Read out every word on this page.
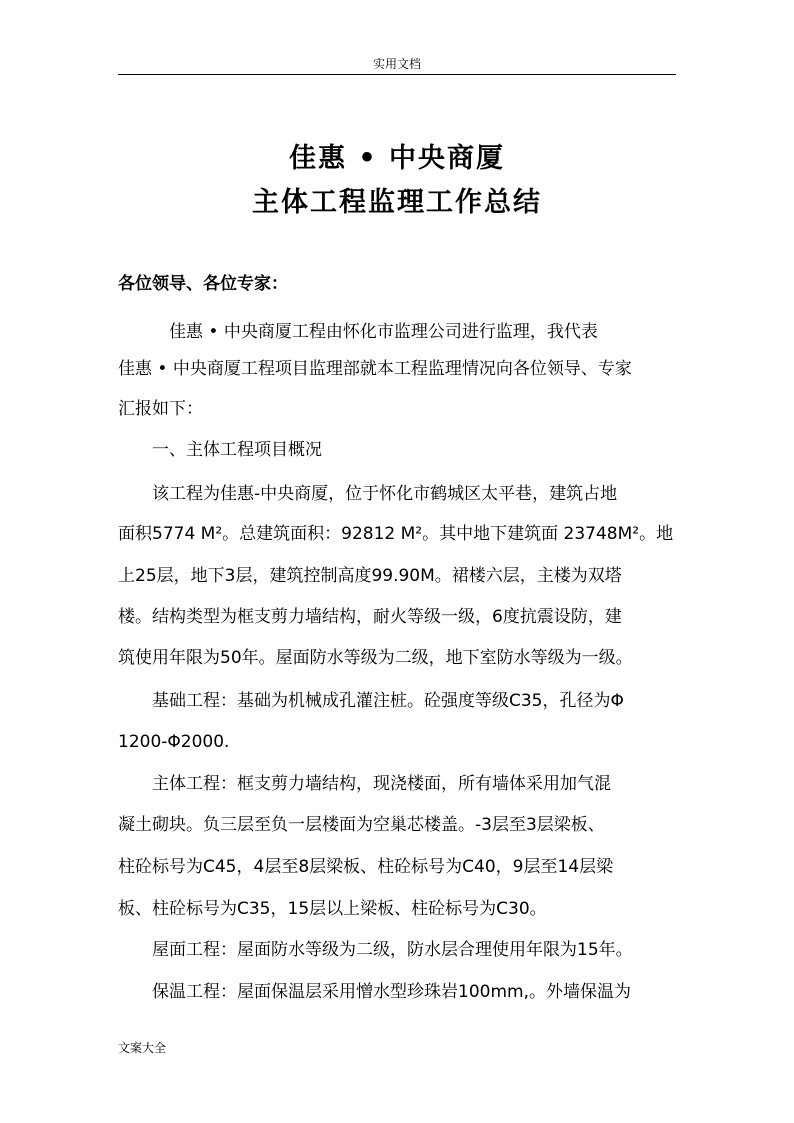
实用文档
佳惠 • 中央商厦
主体工程监理工作总结
各位领导、各位专家：
　　　佳惠 • 中央商厦工程由怀化市监理公司进行监理，我代表
佳惠 • 中央商厦工程项目监理部就本工程监理情况向各位领导、专家
汇报如下：
　　一、主体工程项目概况
　　该工程为佳惠-中央商厦，位于怀化市鹤城区太平巷，建筑占地
面积5774 M²。总建筑面积：92812 M²。其中地下建筑面 23748M²。地
上25层，地下3层，建筑控制高度99.90M。裙楼六层，主楼为双塔
楼。结构类型为框支剪力墙结构，耐火等级一级，6度抗震设防，建
筑使用年限为50年。屋面防水等级为二级，地下室防水等级为一级。
　　基础工程：基础为机械成孔灌注桩。砼强度等级C35，孔径为Φ
1200-Φ2000.
　　主体工程：框支剪力墙结构，现浇楼面，所有墙体采用加气混
凝土砌块。负三层至负一层楼面为空巢芯楼盖。-3层至3层梁板、
柱砼标号为C45，4层至8层梁板、柱砼标号为C40，9层至14层梁
板、柱砼标号为C35，15层以上梁板、柱砼标号为C30。
　　屋面工程：屋面防水等级为二级，防水层合理使用年限为15年。
　　保温工程：屋面保温层采用憎水型珍珠岩100mm,。外墙保温为
文案大全
